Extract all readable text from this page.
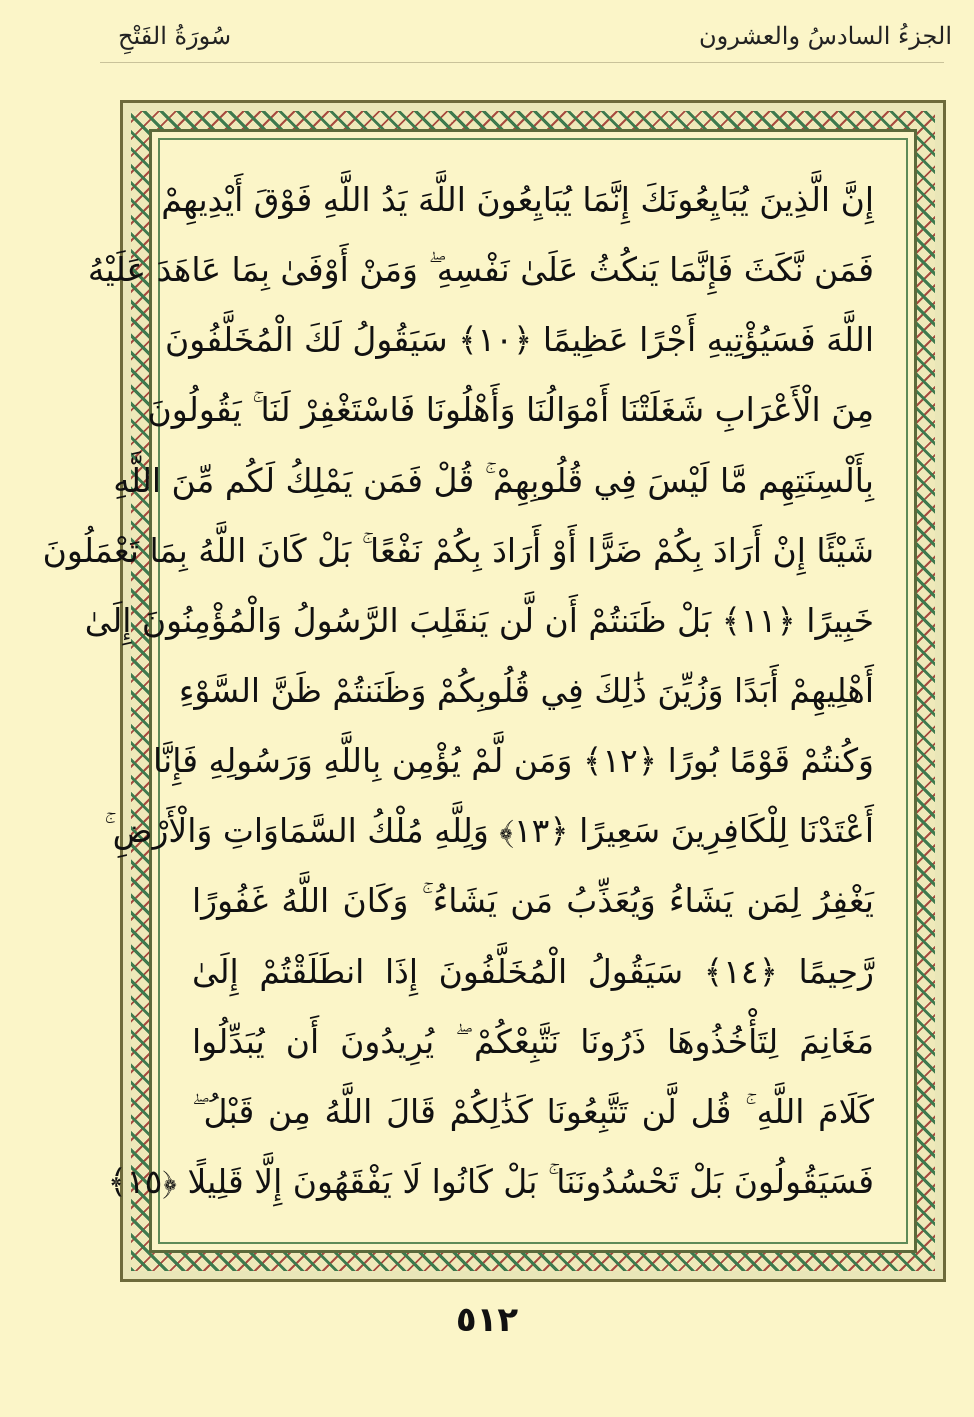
سُورَةُ الفَتْحِ	الجزءُ السادسُ والعشرون
إِنَّ الَّذِينَ يُبَايِعُونَكَ إِنَّمَا يُبَايِعُونَ اللَّهَ يَدُ اللَّهِ فَوْقَ أَيْدِيهِمْ
فَمَن نَّكَثَ فَإِنَّمَا يَنكُثُ عَلَىٰ نَفْسِهِ ۖ وَمَنْ أَوْفَىٰ بِمَا عَاهَدَ عَلَيْهُ
اللَّهَ فَسَيُؤْتِيهِ أَجْرًا عَظِيمًا ﴿١٠﴾ سَيَقُولُ لَكَ الْمُخَلَّفُونَ
مِنَ الْأَعْرَابِ شَغَلَتْنَا أَمْوَالُنَا وَأَهْلُونَا فَاسْتَغْفِرْ لَنَا ۚ يَقُولُونَ
بِأَلْسِنَتِهِم مَّا لَيْسَ فِي قُلُوبِهِمْ ۚ قُلْ فَمَن يَمْلِكُ لَكُم مِّنَ اللَّهِ
شَيْئًا إِنْ أَرَادَ بِكُمْ ضَرًّا أَوْ أَرَادَ بِكُمْ نَفْعًا ۚ بَلْ كَانَ اللَّهُ بِمَا تَعْمَلُونَ
خَبِيرًا ﴿١١﴾ بَلْ ظَنَنتُمْ أَن لَّن يَنقَلِبَ الرَّسُولُ وَالْمُؤْمِنُونَ إِلَىٰ
أَهْلِيهِمْ أَبَدًا وَزُيِّنَ ذَٰلِكَ فِي قُلُوبِكُمْ وَظَنَنتُمْ ظَنَّ السَّوْءِ
وَكُنتُمْ قَوْمًا بُورًا ﴿١٢﴾ وَمَن لَّمْ يُؤْمِن بِاللَّهِ وَرَسُولِهِ فَإِنَّا
أَعْتَدْنَا لِلْكَافِرِينَ سَعِيرًا ﴿١٣﴾ وَلِلَّهِ مُلْكُ السَّمَاوَاتِ وَالْأَرْضِ ۚ
يَغْفِرُ لِمَن يَشَاءُ وَيُعَذِّبُ مَن يَشَاءُ ۚ وَكَانَ اللَّهُ غَفُورًا
رَّحِيمًا ﴿١٤﴾ سَيَقُولُ الْمُخَلَّفُونَ إِذَا انطَلَقْتُمْ إِلَىٰ
مَغَانِمَ لِتَأْخُذُوهَا ذَرُونَا نَتَّبِعْكُمْ ۖ يُرِيدُونَ أَن يُبَدِّلُوا
كَلَامَ اللَّهِ ۚ قُل لَّن تَتَّبِعُونَا كَذَٰلِكُمْ قَالَ اللَّهُ مِن قَبْلُ ۖ
فَسَيَقُولُونَ بَلْ تَحْسُدُونَنَا ۚ بَلْ كَانُوا لَا يَفْقَهُونَ إِلَّا قَلِيلًا ﴿١٥﴾
٥١٢
